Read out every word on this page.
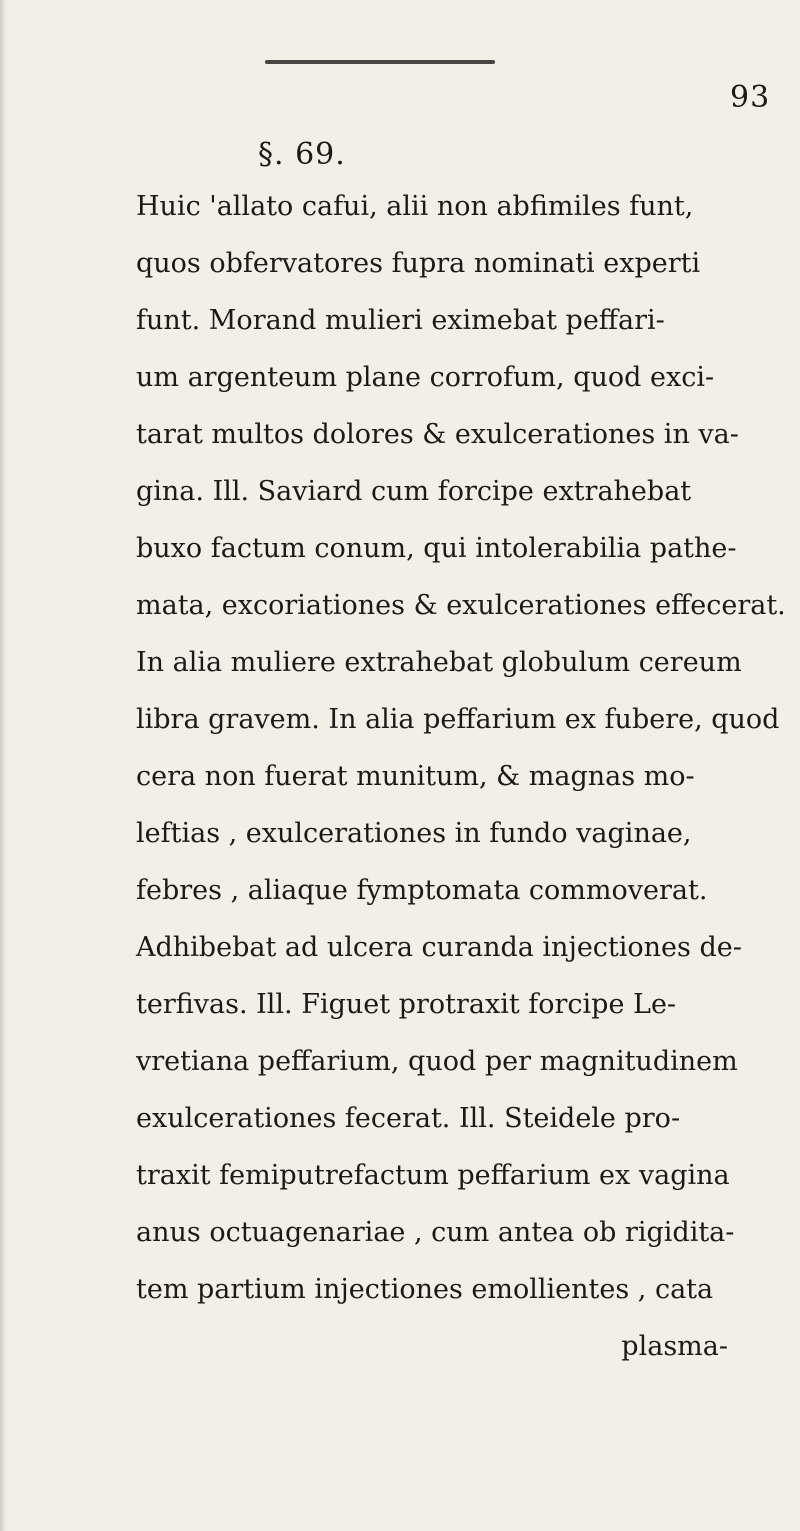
93
§. 69.
Huic 'allato cafui, alii non abfimiles funt,
quos obfervatores fupra nominati experti
funt. Morand mulieri eximebat peffari-
um argenteum plane corrofum, quod exci-
tarat multos dolores & exulcerationes in va-
gina. Ill. Saviard cum forcipe extrahebat
buxo factum conum, qui intolerabilia pathe-
mata, excoriationes & exulcerationes effecerat.
In alia muliere extrahebat globulum cereum
libra gravem. In alia peffarium ex fubere, quod
cera non fuerat munitum, & magnas mo-
leftias , exulcerationes in fundo vaginae,
febres , aliaque fymptomata commoverat.
Adhibebat ad ulcera curanda injectiones de-
terfivas. Ill. Figuet protraxit forcipe Le-
vretiana peffarium, quod per magnitudinem
exulcerationes fecerat. Ill. Steidele pro-
traxit femiputrefactum peffarium ex vagina
anus octuagenariae , cum antea ob rigidita-
tem partium injectiones emollientes , cata
plasma-
